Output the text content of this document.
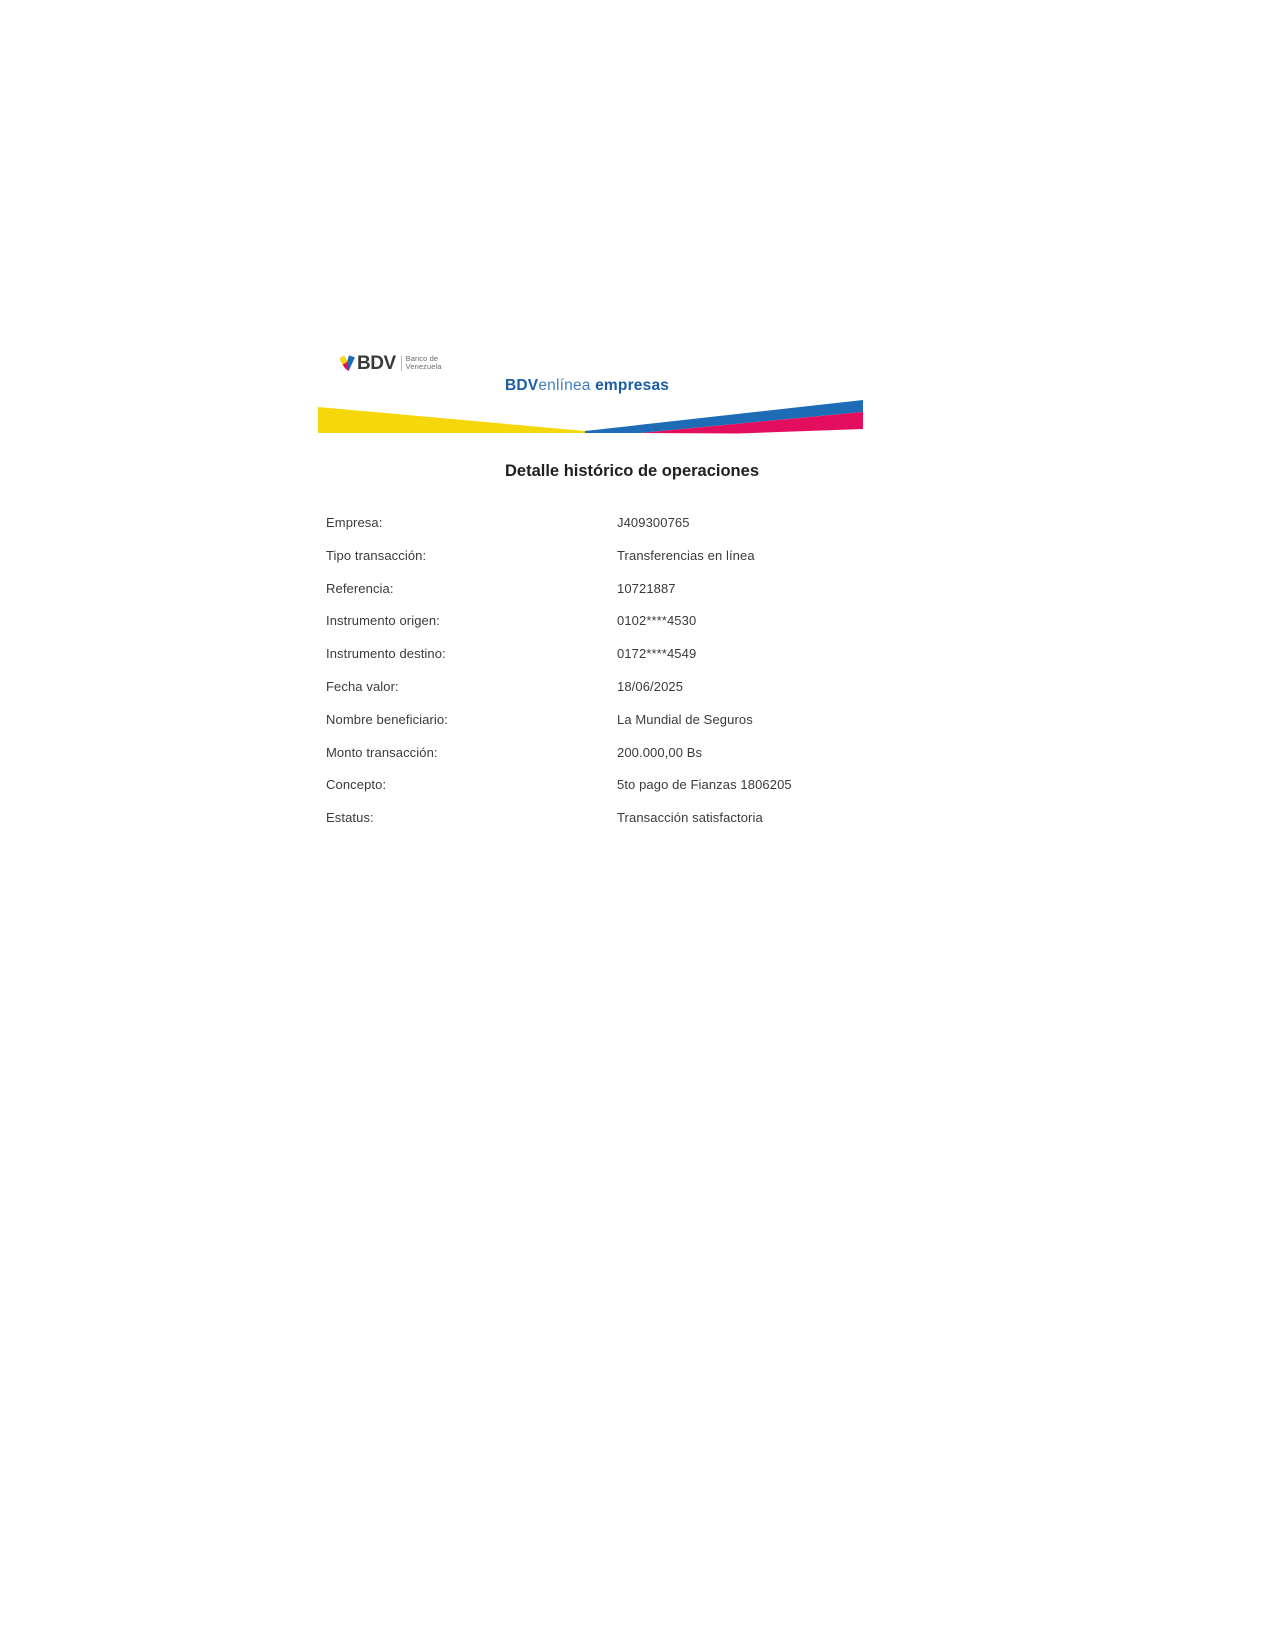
BDV Banco de
Venezuela
BDVenlínea empresas
Detalle histórico de operaciones
Empresa:	J409300765
Tipo transacción:	Transferencias en línea
Referencia:	10721887
Instrumento origen:	0102****4530
Instrumento destino:	0172****4549
Fecha valor:	18/06/2025
Nombre beneficiario:	La Mundial de Seguros
Monto transacción:	200.000,00 Bs
Concepto:	5to pago de Fianzas 1806205
Estatus:	Transacción satisfactoria
